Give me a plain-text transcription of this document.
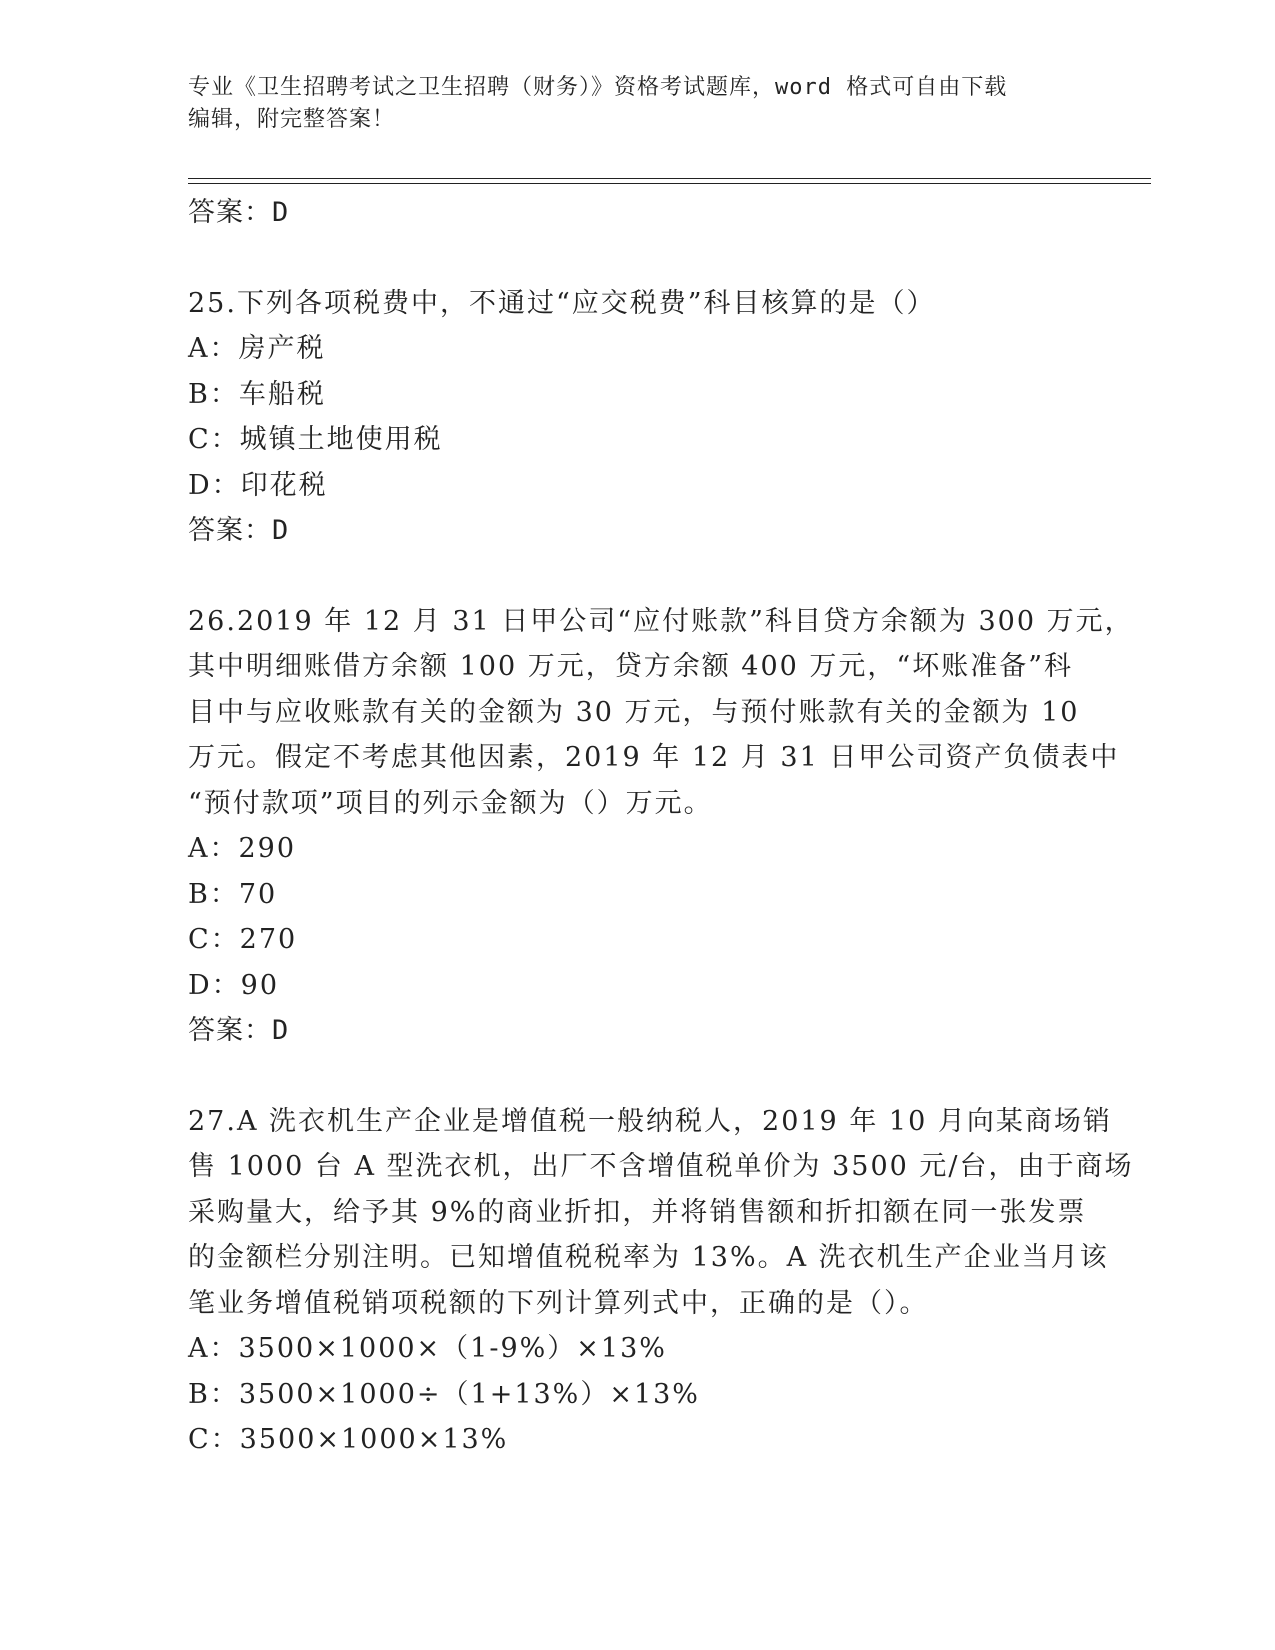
专业《卫生招聘考试之卫生招聘（财务）》资格考试题库，word 格式可自由下载
编辑，附完整答案！
答案：D
25.下列各项税费中，不通过“应交税费”科目核算的是（）
A：房产税
B：车船税
C：城镇土地使用税
D：印花税
答案：D
26.2019 年 12 月 31 日甲公司“应付账款”科目贷方余额为 300 万元，
其中明细账借方余额 100 万元，贷方余额 400 万元，“坏账准备”科
目中与应收账款有关的金额为 30 万元，与预付账款有关的金额为 10
万元。假定不考虑其他因素，2019 年 12 月 31 日甲公司资产负债表中
“预付款项”项目的列示金额为（）万元。
A：290
B：70
C：270
D：90
答案：D
27.A 洗衣机生产企业是增值税一般纳税人，2019 年 10 月向某商场销
售 1000 台 A 型洗衣机，出厂不含增值税单价为 3500 元/台，由于商场
采购量大，给予其 9%的商业折扣，并将销售额和折扣额在同一张发票
的金额栏分别注明。已知增值税税率为 13%。A 洗衣机生产企业当月该
笔业务增值税销项税额的下列计算列式中，正确的是（）。
A：3500×1000×（1-9%）×13%
B：3500×1000÷（1+13%）×13%
C：3500×1000×13%
